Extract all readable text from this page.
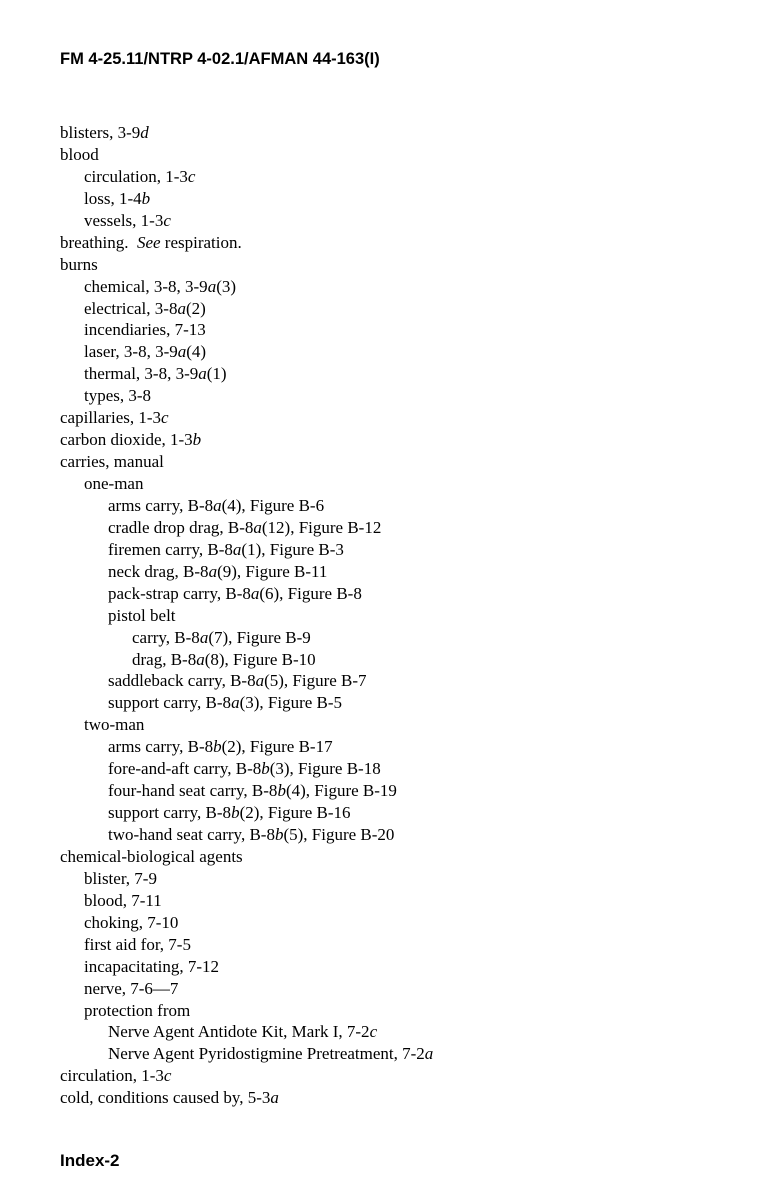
FM 4-25.11/NTRP 4-02.1/AFMAN 44-163(I)
blisters, 3-9d
blood
circulation, 1-3c
loss, 1-4b
vessels, 1-3c
breathing.  See respiration.
burns
chemical, 3-8, 3-9a(3)
electrical, 3-8a(2)
incendiaries, 7-13
laser, 3-8, 3-9a(4)
thermal, 3-8, 3-9a(1)
types, 3-8
capillaries, 1-3c
carbon dioxide, 1-3b
carries, manual
one-man
arms carry, B-8a(4), Figure B-6
cradle drop drag, B-8a(12), Figure B-12
firemen carry, B-8a(1), Figure B-3
neck drag, B-8a(9), Figure B-11
pack-strap carry, B-8a(6), Figure B-8
pistol belt
carry, B-8a(7), Figure B-9
drag, B-8a(8), Figure B-10
saddleback carry, B-8a(5), Figure B-7
support carry, B-8a(3), Figure B-5
two-man
arms carry, B-8b(2), Figure B-17
fore-and-aft carry, B-8b(3), Figure B-18
four-hand seat carry, B-8b(4), Figure B-19
support carry, B-8b(2), Figure B-16
two-hand seat carry, B-8b(5), Figure B-20
chemical-biological agents
blister, 7-9
blood, 7-11
choking, 7-10
first aid for, 7-5
incapacitating, 7-12
nerve, 7-6—7
protection from
Nerve Agent Antidote Kit, Mark I, 7-2c
Nerve Agent Pyridostigmine Pretreatment, 7-2a
circulation, 1-3c
cold, conditions caused by, 5-3a
Index-2
